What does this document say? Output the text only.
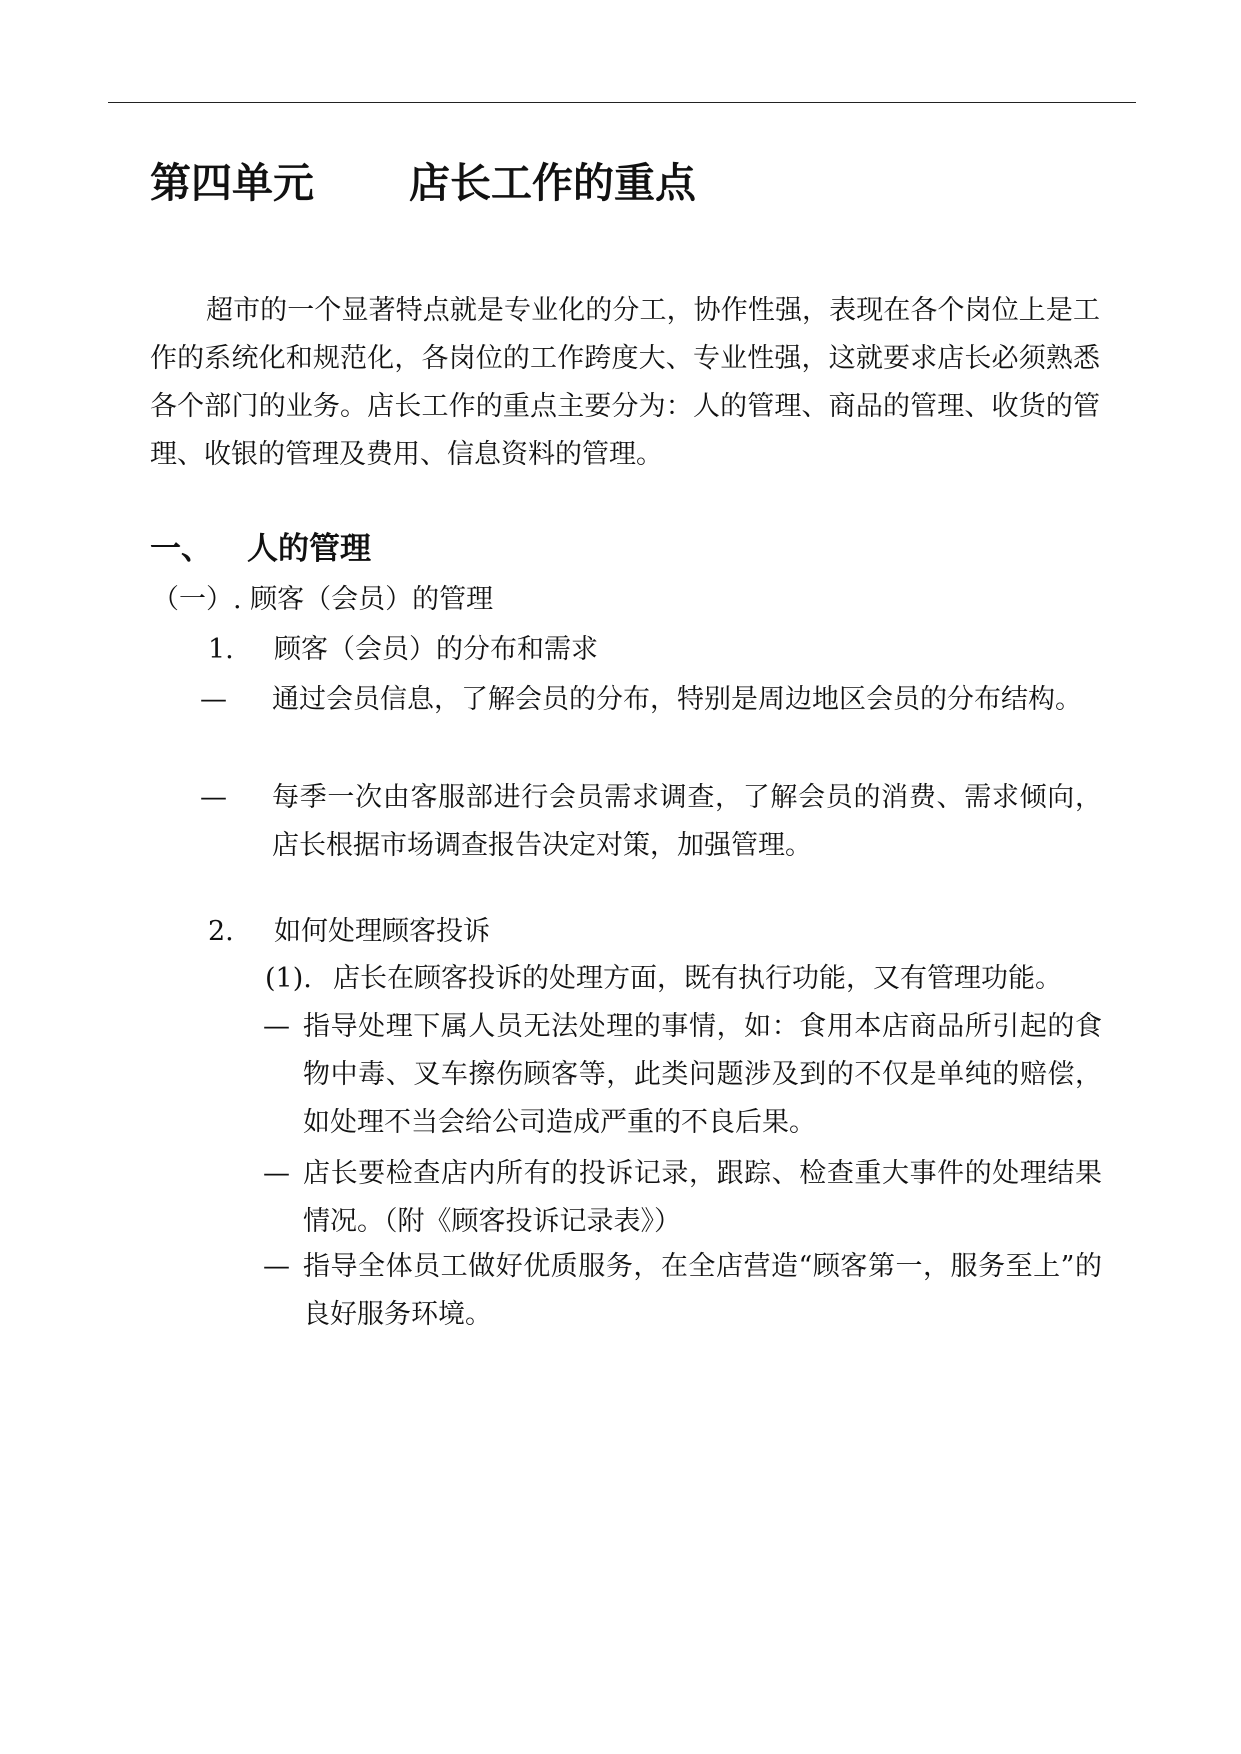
第四单元 店长工作的重点

超市的一个显著特点就是专业化的分工，协作性强，表现在各个岗位上是工作的系统化和规范化，各岗位的工作跨度大、专业性强，这就要求店长必须熟悉各个部门的业务。店长工作的重点主要分为：人的管理、商品的管理、收货的管理、收银的管理及费用、信息资料的管理。

一、 人的管理
（一）. 顾客（会员）的管理
1. 顾客（会员）的分布和需求
— 通过会员信息，了解会员的分布，特别是周边地区会员的分布结构。
— 每季一次由客服部进行会员需求调查，了解会员的消费、需求倾向，店长根据市场调查报告决定对策，加强管理。
2. 如何处理顾客投诉
(1). 店长在顾客投诉的处理方面，既有执行功能，又有管理功能。
— 指导处理下属人员无法处理的事情，如：食用本店商品所引起的食物中毒、叉车擦伤顾客等，此类问题涉及到的不仅是单纯的赔偿，如处理不当会给公司造成严重的不良后果。
— 店长要检查店内所有的投诉记录，跟踪、检查重大事件的处理结果情况。（附《顾客投诉记录表》）
— 指导全体员工做好优质服务，在全店营造“顾客第一，服务至上”的良好服务环境。
